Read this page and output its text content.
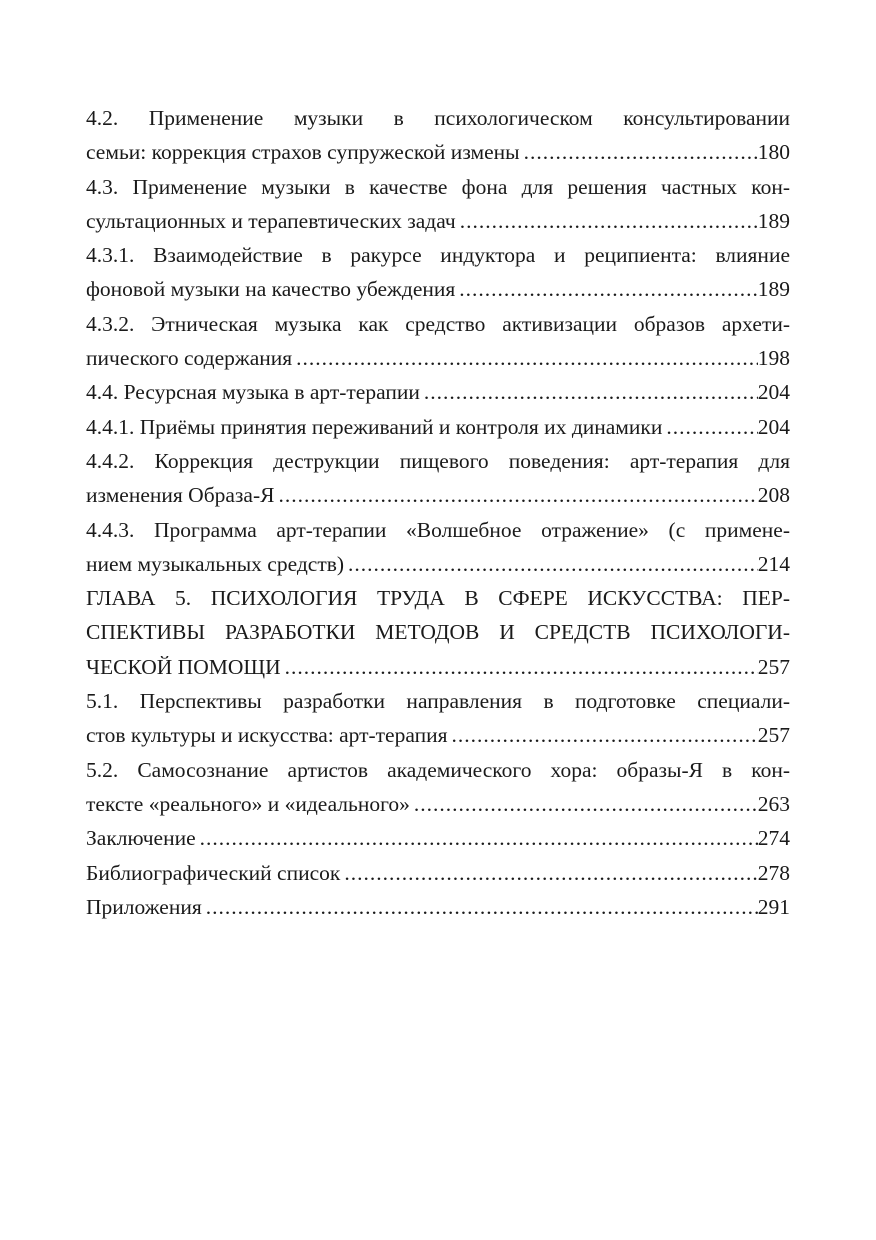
4.2. Применение музыки в психологическом консультировании
семьи: коррекция страхов супружеской измены .....	180
4.3. Применение музыки в качестве фона для решения частных кон-
сультационных и терапевтических задач .....	189
4.3.1. Взаимодействие в ракурсе индуктора и реципиента: влияние
фоновой музыки на качество убеждения .....	189
4.3.2. Этническая музыка как средство активизации образов архети-
пического содержания .....	198
4.4. Ресурсная музыка в арт-терапии .....	204
4.4.1. Приёмы принятия переживаний и контроля их динамики .....	204
4.4.2. Коррекция деструкции пищевого поведения: арт-терапия для
изменения Образа-Я .....	208
4.4.3. Программа арт-терапии «Волшебное отражение» (с примене-
нием музыкальных средств) .....	214
ГЛАВА 5. ПСИХОЛОГИЯ ТРУДА В СФЕРЕ ИСКУССТВА: ПЕР-
СПЕКТИВЫ РАЗРАБОТКИ МЕТОДОВ И СРЕДСТВ ПСИХОЛОГИ-
ЧЕСКОЙ ПОМОЩИ .....	257
5.1. Перспективы разработки направления в подготовке специали-
стов культуры и искусства: арт-терапия .....	257
5.2. Самосознание артистов академического хора: образы-Я в кон-
тексте «реального» и «идеального» .....	263
Заключение .....	274
Библиографический список .....	278
Приложения .....	291
